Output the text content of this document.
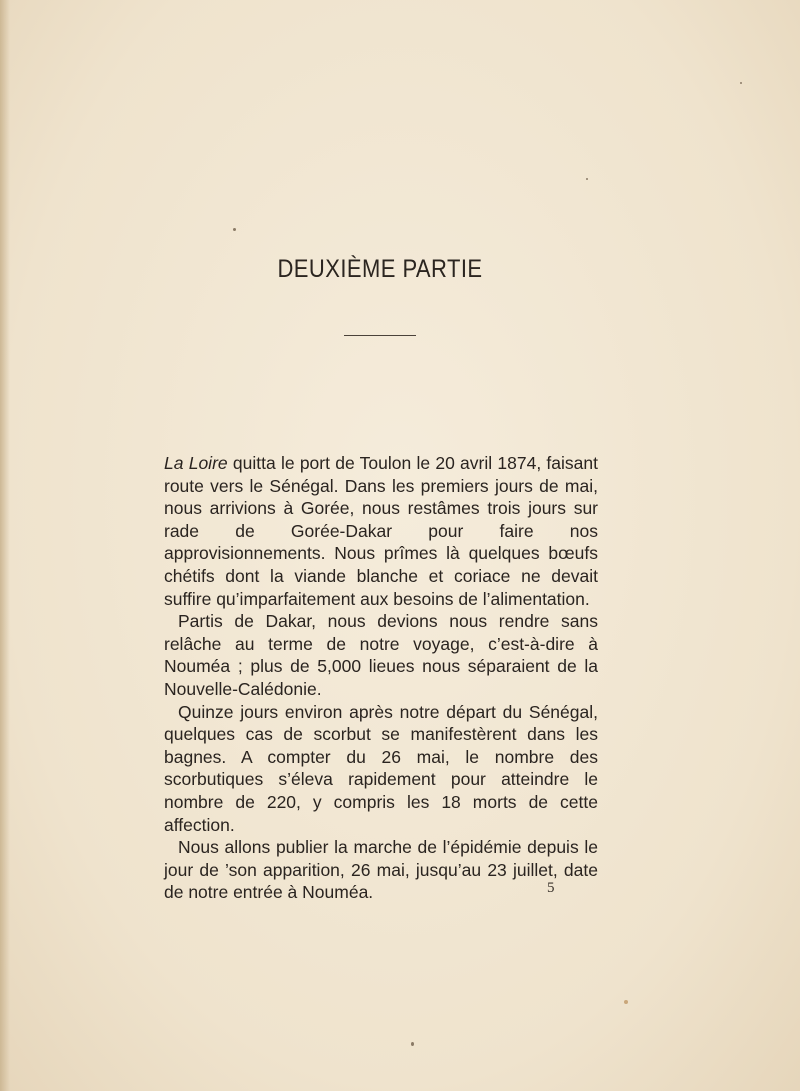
DEUXIÈME PARTIE

La Loire quitta le port de Toulon le 20 avril 1874, faisant route vers le Sénégal. Dans les premiers jours de mai, nous arrivions à Gorée, nous restâmes trois jours sur rade de Gorée-Dakar pour faire nos approvisionnements. Nous prîmes là quelques bœufs chétifs dont la viande blanche et coriace ne devait suffire qu’imparfaitement aux besoins de l’alimentation.

Partis de Dakar, nous devions nous rendre sans relâche au terme de notre voyage, c’est-à-dire à Nouméa ; plus de 5,000 lieues nous séparaient de la Nouvelle-Calédonie.

Quinze jours environ après notre départ du Sénégal, quelques cas de scorbut se manifestèrent dans les bagnes. A compter du 26 mai, le nombre des scorbutiques s’éleva rapidement pour atteindre le nombre de 220, y compris les 18 morts de cette affection.

Nous allons publier la marche de l’épidémie depuis le jour de ’son apparition, 26 mai, jusqu’au 23 juillet, date de notre entrée à Nouméa.	5
